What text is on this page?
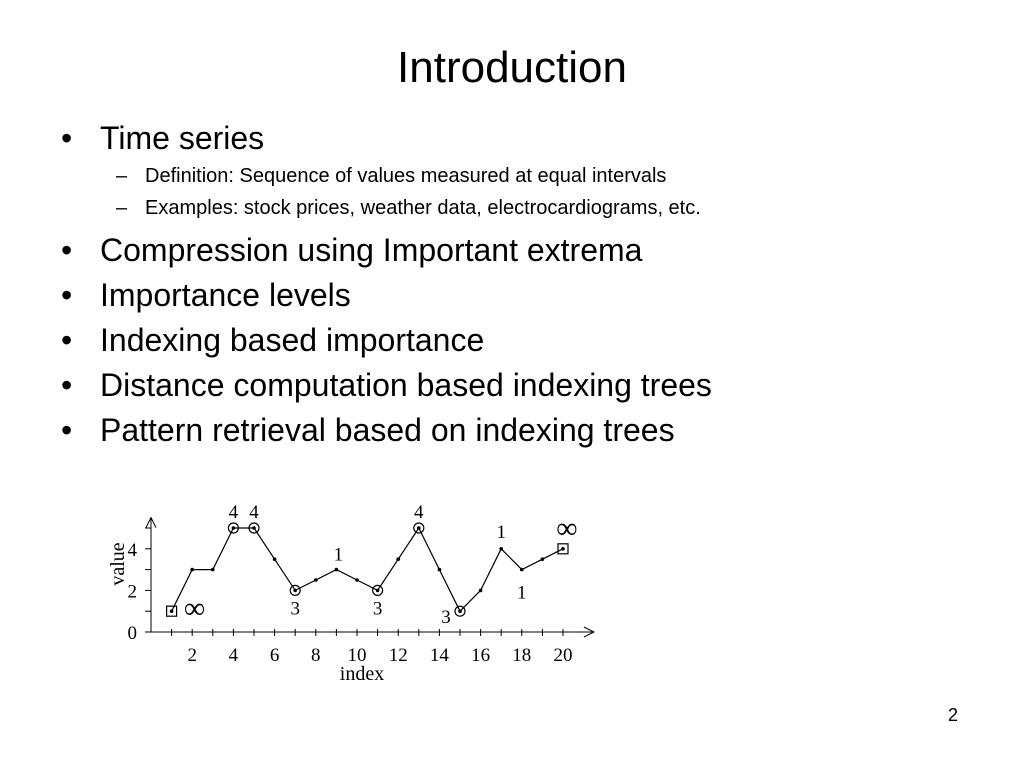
Introduction
• Time series
– Definition: Sequence of values measured at equal intervals
– Examples: stock prices, weather data, electrocardiograms, etc.
• Compression using Important extrema
• Importance levels
• Indexing based importance
• Distance computation based indexing trees
• Pattern retrieval based on indexing trees
2 4 6 8 10 12 14 16 18 20
0
2
4
index
value
∞
4 4
3
1
3
4
3
1
1
∞
2
